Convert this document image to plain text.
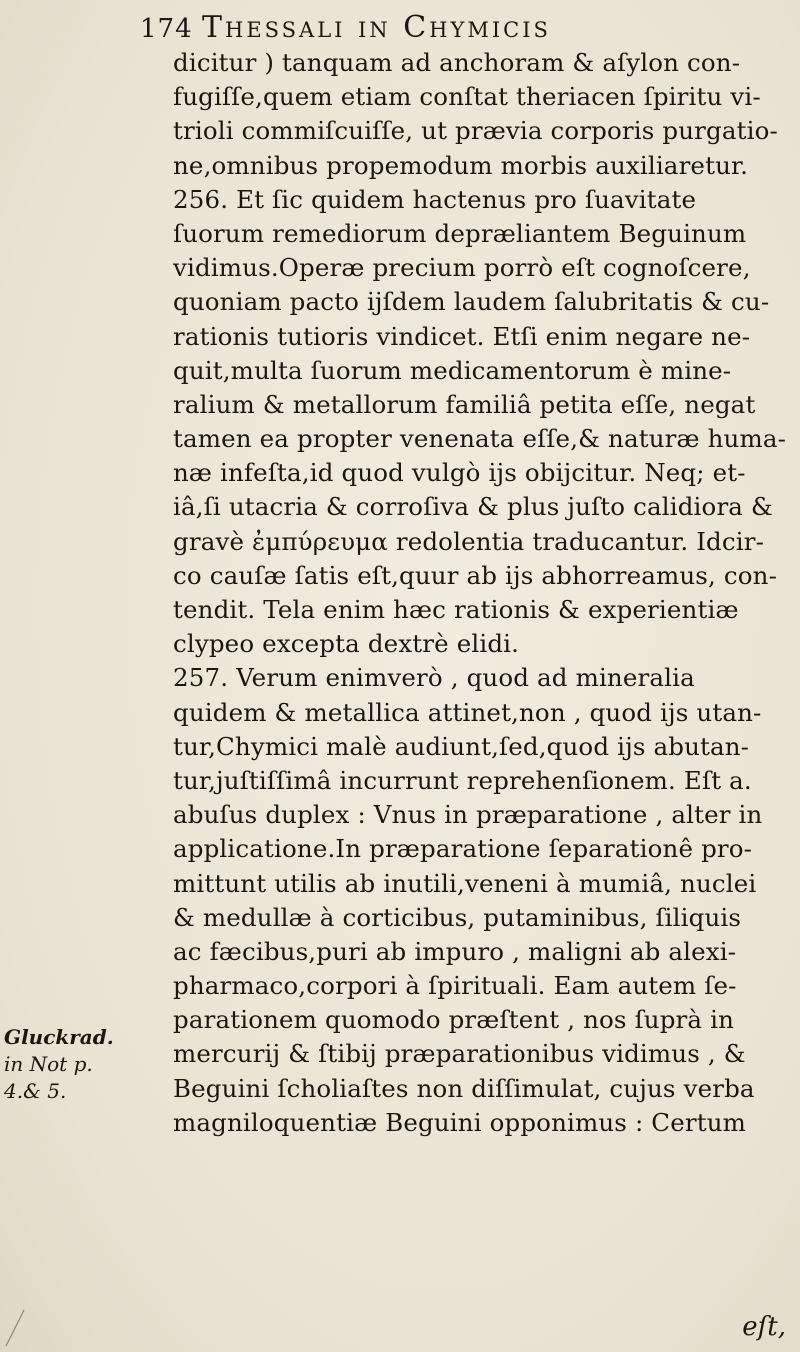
174 Thessali in Chymicis
dicitur ) tanquam ad anchoram & aſylon con-
fugiſſe,quem etiam conſtat theriacen ſpiritu vi-
trioli commiſcuiſſe, ut prævia corporis purgatio-
ne,omnibus propemodum morbis auxiliaretur.
256. Et ſic quidem hactenus pro ſuavitate
ſuorum remediorum depræliantem Beguinum
vidimus.Operæ precium porrò eſt cognoſcere,
quoniam pacto ijſdem laudem ſalubritatis & cu-
rationis tutioris vindicet. Etſi enim negare ne-
quit,multa ſuorum medicamentorum è mine-
ralium & metallorum familiâ petita eſſe, negat
tamen ea propter venenata eſſe,& naturæ huma-
næ infeſta,id quod vulgò ijs obijcitur. Neq; et-
iâ,ſi utacria & corroſiva & plus juſto calidiora &
gravè ἐμπύρευμα redolentia traducantur. Idcir-
co cauſæ ſatis eſt,quur ab ijs abhorreamus, con-
tendit. Tela enim hæc rationis & experientiæ
clypeo excepta dextrè elidi.
257. Verum enimverò , quod ad mineralia
quidem & metallica attinet,non , quod ijs utan-
tur,Chymici malè audiunt,ſed,quod ijs abutan-
tur,juſtiſſimâ incurrunt reprehenſionem. Eſt a.
abuſus duplex : Vnus in præparatione , alter in
applicatione.In præparatione ſeparationê pro-
mittunt utilis ab inutili,veneni à mumiâ, nuclei
& medullæ à corticibus, putaminibus, ſiliquis
ac fæcibus,puri ab impuro , maligni ab alexi-
pharmaco,corpori à ſpirituali. Eam autem ſe-
parationem quomodo præſtent , nos ſuprà in
mercurij & ſtibij præparationibus vidimus , &
Beguini ſcholiaſtes non diſſimulat, cujus verba
magniloquentiæ Beguini opponimus : Certum
Gluckrad.
in Not p.
4.& 5.
eſt,
